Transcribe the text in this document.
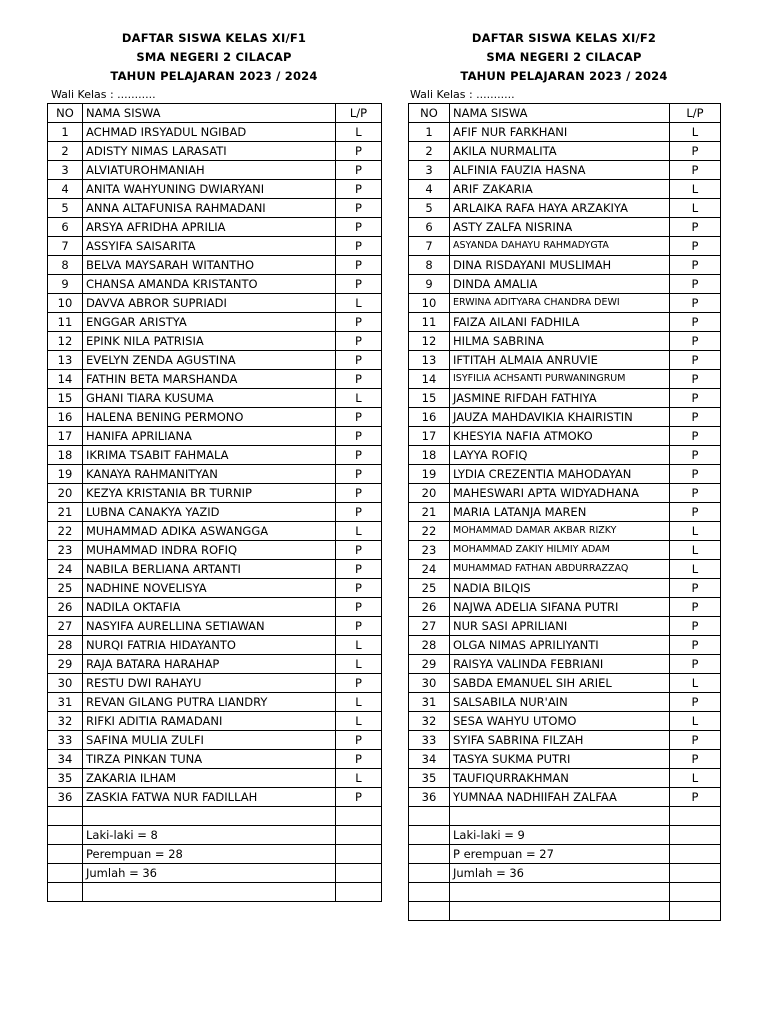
DAFTAR SISWA KELAS XI/F1
SMA NEGERI 2 CILACAP
TAHUN PELAJARAN 2023 / 2024
Wali Kelas : ...........
NO	NAMA SISWA	L/P
1	ACHMAD IRSYADUL NGIBAD	L
2	ADISTY NIMAS LARASATI	P
3	ALVIATUROHMANIAH	P
4	ANITA WAHYUNING DWIARYANI	P
5	ANNA ALTAFUNISA RAHMADANI	P
6	ARSYA AFRIDHA APRILIA	P
7	ASSYIFA SAISARITA	P
8	BELVA MAYSARAH WITANTHO	P
9	CHANSA AMANDA KRISTANTO	P
10	DAVVA ABROR SUPRIADI	L
11	ENGGAR ARISTYA	P
12	EPINK NILA PATRISIA	P
13	EVELYN ZENDA AGUSTINA	P
14	FATHIN BETA MARSHANDA	P
15	GHANI TIARA KUSUMA	L
16	HALENA BENING PERMONO	P
17	HANIFA APRILIANA	P
18	IKRIMA TSABIT FAHMALA	P
19	KANAYA RAHMANITYAN	P
20	KEZYA KRISTANIA BR TURNIP	P
21	LUBNA CANAKYA YAZID	P
22	MUHAMMAD ADIKA ASWANGGA	L
23	MUHAMMAD INDRA ROFIQ	P
24	NABILA BERLIANA ARTANTI	P
25	NADHINE NOVELISYA	P
26	NADILA OKTAFIA	P
27	NASYIFA AURELLINA SETIAWAN	P
28	NURQI FATRIA HIDAYANTO	L
29	RAJA BATARA HARAHAP	L
30	RESTU DWI RAHAYU	P
31	REVAN GILANG PUTRA LIANDRY	L
32	RIFKI ADITIA RAMADANI	L
33	SAFINA MULIA ZULFI	P
34	TIRZA PINKAN TUNA	P
35	ZAKARIA ILHAM	L
36	ZASKIA FATWA NUR FADILLAH	P

	Laki-laki = 8	
	Perempuan = 28	
	Jumlah = 36	

DAFTAR SISWA KELAS XI/F2
SMA NEGERI 2 CILACAP
TAHUN PELAJARAN 2023 / 2024
Wali Kelas : ...........
NO	NAMA SISWA	L/P
1	AFIF NUR FARKHANI	L
2	AKILA NURMALITA	P
3	ALFINIA FAUZIA HASNA	P
4	ARIF ZAKARIA	L
5	ARLAIKA RAFA HAYA ARZAKIYA	L
6	ASTY ZALFA NISRINA	P
7	ASYANDA DAHAYU RAHMADYGTA	P
8	DINA RISDAYANI MUSLIMAH	P
9	DINDA AMALIA	P
10	ERWINA ADITYARA CHANDRA DEWI	P
11	FAIZA AILANI FADHILA	P
12	HILMA SABRINA	P
13	IFTITAH ALMAIA ANRUVIE	P
14	ISYFILIA ACHSANTI PURWANINGRUM	P
15	JASMINE RIFDAH FATHIYA	P
16	JAUZA MAHDAVIKIA KHAIRISTIN	P
17	KHESYIA NAFIA ATMOKO	P
18	LAYYA ROFIQ	P
19	LYDIA CREZENTIA MAHODAYAN	P
20	MAHESWARI APTA WIDYADHANA	P
21	MARIA LATANJA MAREN	P
22	MOHAMMAD DAMAR AKBAR RIZKY	L
23	MOHAMMAD ZAKIY HILMIY ADAM	L
24	MUHAMMAD FATHAN ABDURRAZZAQ	L
25	NADIA BILQIS	P
26	NAJWA ADELIA SIFANA PUTRI	P
27	NUR SASI APRILIANI	P
28	OLGA NIMAS APRILIYANTI	P
29	RAISYA VALINDA FEBRIANI	P
30	SABDA EMANUEL SIH ARIEL	L
31	SALSABILA NUR'AIN	P
32	SESA WAHYU UTOMO	L
33	SYIFA SABRINA FILZAH	P
34	TASYA SUKMA PUTRI	P
35	TAUFIQURRAKHMAN	L
36	YUMNAA NADHIIFAH ZALFAA	P

	Laki-laki = 9	
	P erempuan = 27	
	Jumlah = 36	
